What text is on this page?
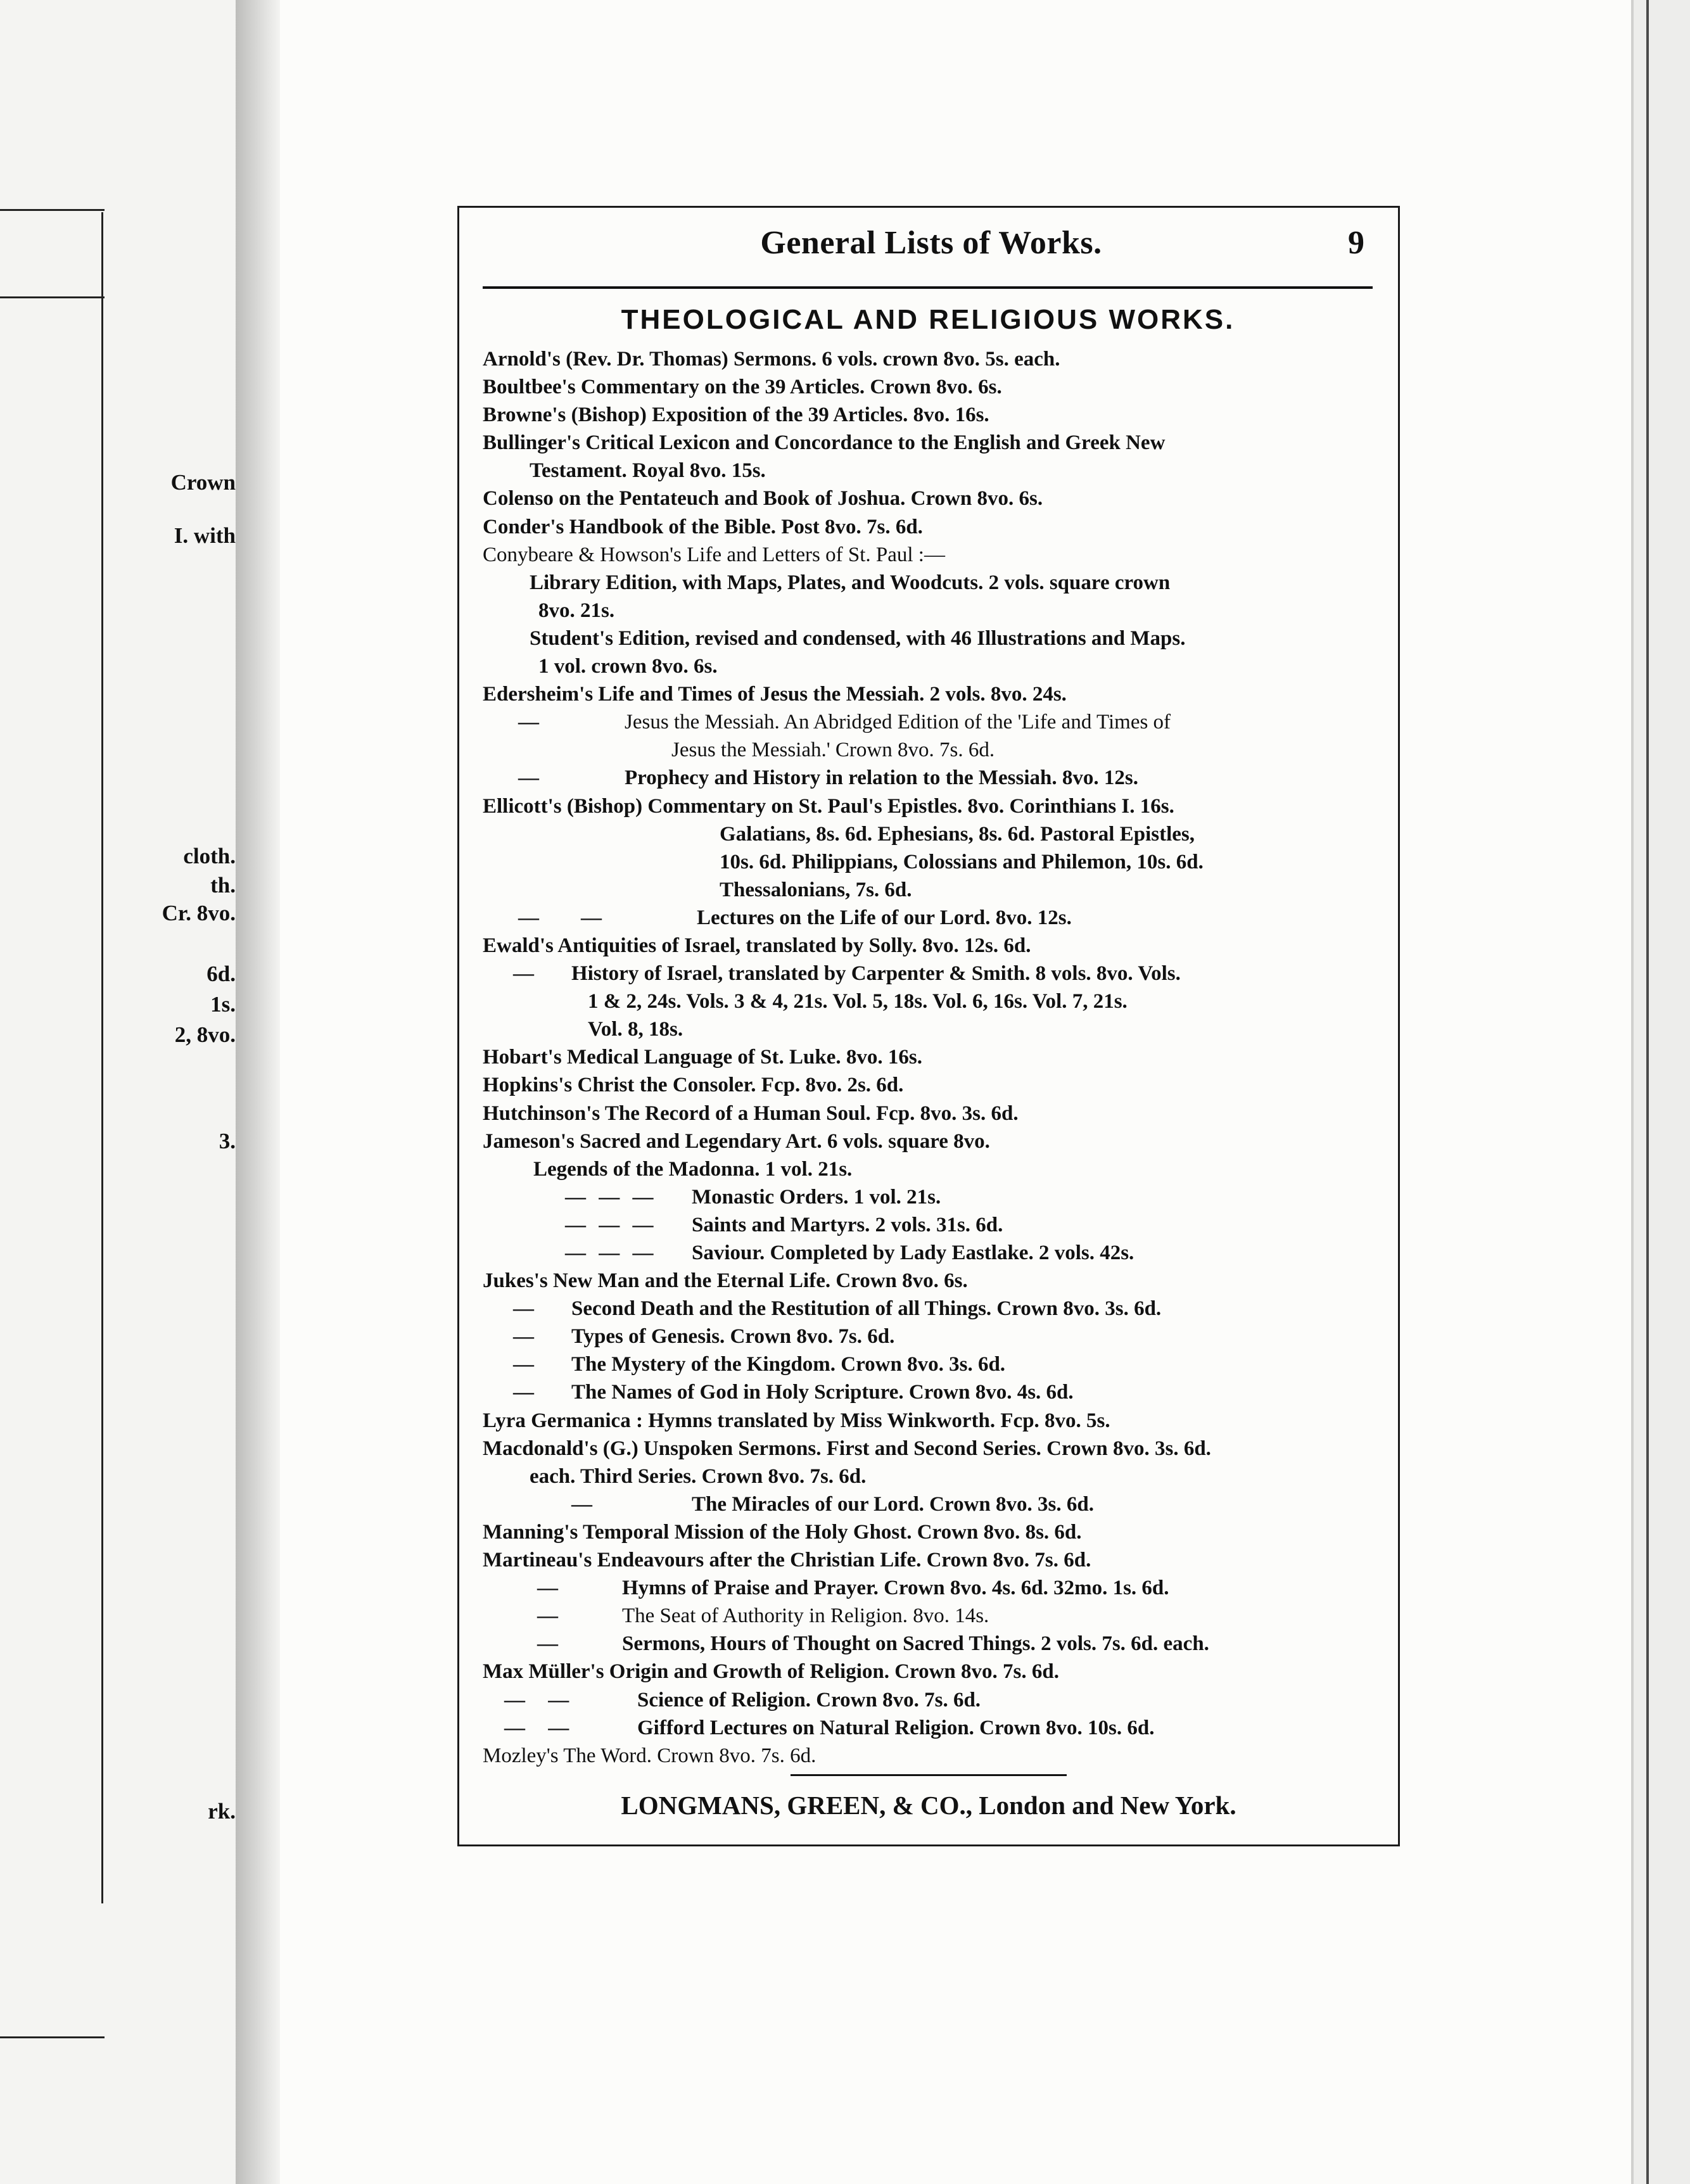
Crown
I. with
cloth.
th.
Cr. 8vo.
6d.
1s.
2, 8vo.
3.
rk.
General Lists of Works.	9
THEOLOGICAL AND RELIGIOUS WORKS.
Arnold's (Rev. Dr. Thomas) Sermons. 6 vols. crown 8vo. 5s. each.
Boultbee's Commentary on the 39 Articles. Crown 8vo. 6s.
Browne's (Bishop) Exposition of the 39 Articles. 8vo. 16s.
Bullinger's Critical Lexicon and Concordance to the English and Greek New
Testament. Royal 8vo. 15s.
Colenso on the Pentateuch and Book of Joshua. Crown 8vo. 6s.
Conder's Handbook of the Bible. Post 8vo. 7s. 6d.
Conybeare & Howson's Life and Letters of St. Paul :—
Library Edition, with Maps, Plates, and Woodcuts. 2 vols. square crown
8vo. 21s.
Student's Edition, revised and condensed, with 46 Illustrations and Maps.
1 vol. crown 8vo. 6s.
Edersheim's Life and Times of Jesus the Messiah. 2 vols. 8vo. 24s.
—	Jesus the Messiah. An Abridged Edition of the 'Life and Times of
Jesus the Messiah.' Crown 8vo. 7s. 6d.
—	Prophecy and History in relation to the Messiah. 8vo. 12s.
Ellicott's (Bishop) Commentary on St. Paul's Epistles. 8vo. Corinthians I. 16s.
Galatians, 8s. 6d. Ephesians, 8s. 6d. Pastoral Epistles,
10s. 6d. Philippians, Colossians and Philemon, 10s. 6d.
Thessalonians, 7s. 6d.
—  —	Lectures on the Life of our Lord. 8vo. 12s.
Ewald's Antiquities of Israel, translated by Solly. 8vo. 12s. 6d.
— History of Israel, translated by Carpenter & Smith. 8 vols. 8vo. Vols.
1 & 2, 24s. Vols. 3 & 4, 21s. Vol. 5, 18s. Vol. 6, 16s. Vol. 7, 21s.
Vol. 8, 18s.
Hobart's Medical Language of St. Luke. 8vo. 16s.
Hopkins's Christ the Consoler. Fcp. 8vo. 2s. 6d.
Hutchinson's The Record of a Human Soul. Fcp. 8vo. 3s. 6d.
Jameson's Sacred and Legendary Art. 6 vols. square 8vo.
Legends of the Madonna. 1 vol. 21s.
— — — Monastic Orders. 1 vol. 21s.
— — — Saints and Martyrs. 2 vols. 31s. 6d.
— — — Saviour. Completed by Lady Eastlake. 2 vols. 42s.
Jukes's New Man and the Eternal Life. Crown 8vo. 6s.
— Second Death and the Restitution of all Things. Crown 8vo. 3s. 6d.
— Types of Genesis. Crown 8vo. 7s. 6d.
— The Mystery of the Kingdom. Crown 8vo. 3s. 6d.
— The Names of God in Holy Scripture. Crown 8vo. 4s. 6d.
Lyra Germanica : Hymns translated by Miss Winkworth. Fcp. 8vo. 5s.
Macdonald's (G.) Unspoken Sermons. First and Second Series. Crown 8vo. 3s. 6d.
each. Third Series. Crown 8vo. 7s. 6d.
—	The Miracles of our Lord. Crown 8vo. 3s. 6d.
Manning's Temporal Mission of the Holy Ghost. Crown 8vo. 8s. 6d.
Martineau's Endeavours after the Christian Life. Crown 8vo. 7s. 6d.
—	Hymns of Praise and Prayer. Crown 8vo. 4s. 6d. 32mo. 1s. 6d.
—	The Seat of Authority in Religion. 8vo. 14s.
—	Sermons, Hours of Thought on Sacred Things. 2 vols. 7s. 6d. each.
Max Müller's Origin and Growth of Religion. Crown 8vo. 7s. 6d.
— —	Science of Religion. Crown 8vo. 7s. 6d.
— —	Gifford Lectures on Natural Religion. Crown 8vo. 10s. 6d.
Mozley's The Word. Crown 8vo. 7s. 6d.
LONGMANS, GREEN, & CO., London and New York.
